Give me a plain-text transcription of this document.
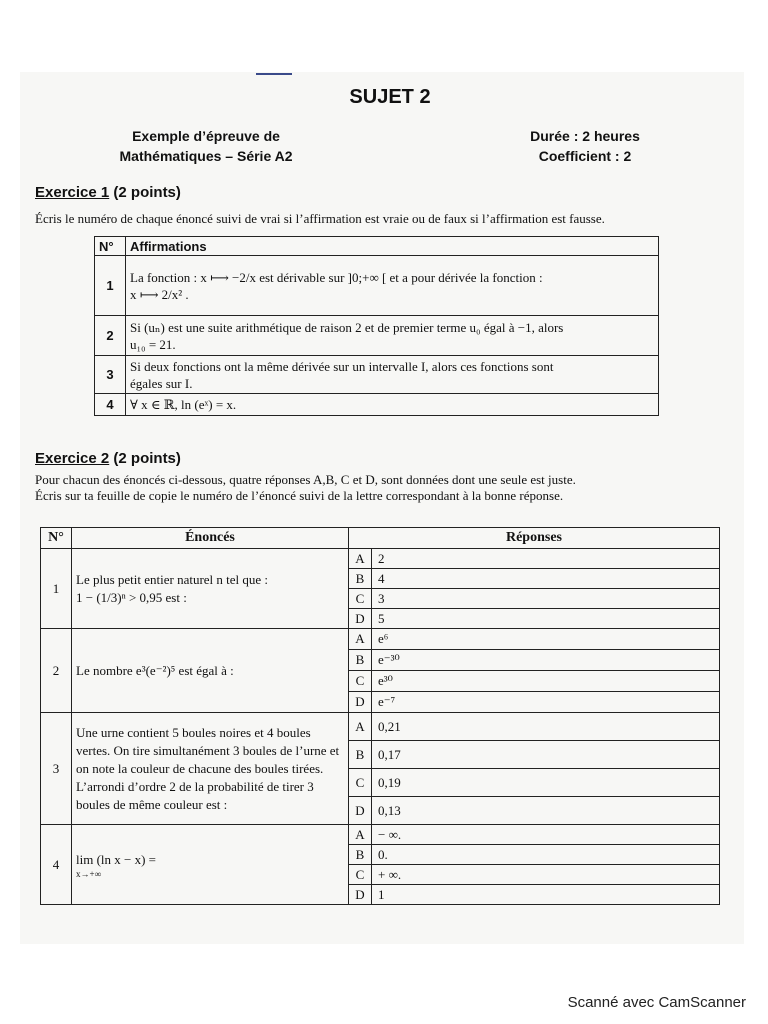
SUJET 2
Exemple d’épreuve de
Mathématiques – Série A2
Durée : 2 heures
Coefficient : 2
Exercice 1 (2 points)
Écris le numéro de chaque énoncé suivi de vrai si l’affirmation est vraie ou de faux si l’affirmation est fausse.
N°	Affirmations
1	La fonction : x ⟼ −2/x est dérivable sur ]0;+∞ [ et a pour dérivée la fonction :
x ⟼ 2/x² .

2	Si (uₙ) est une suite arithmétique de raison 2 et de premier terme u₀ égal à −1, alors
u₁₀ = 21.

3	Si deux fonctions ont la même dérivée sur un intervalle I, alors ces fonctions sont
égales sur I.

4	∀ x ∈ ℝ, ln (eˣ) = x.
Exercice 2 (2 points)
Pour chacun des énoncés ci-dessous, quatre réponses A,B, C et D, sont données dont une seule est juste.
Écris sur ta feuille de copie le numéro de l’énoncé suivi de la lettre correspondant à la bonne réponse.
N°	Énoncés	Réponses	
1	Le plus petit entier naturel n tel que :
1 − (1/3)ⁿ > 0,95 est :	A	2
		B	4
		C	3
		D	5
2	Le nombre e³(e⁻²)⁵ est égal à :	A	e⁶
		B	e⁻³⁰
		C	e³⁰
		D	e⁻⁷
3	Une urne contient 5 boules noires et 4 boules vertes. On tire simultanément 3 boules de l’urne et on note la couleur de chacune des boules tirées.
L’arrondi d’ordre 2 de la probabilité de tirer 3 boules de même couleur est :	A	0,21
		B	0,17
		C	0,19
		D	0,13
4	lim (ln x − x) =
x→+∞	A	− ∞.
		B	0.
		C	+ ∞.
		D	1
Scanné avec CamScanner
